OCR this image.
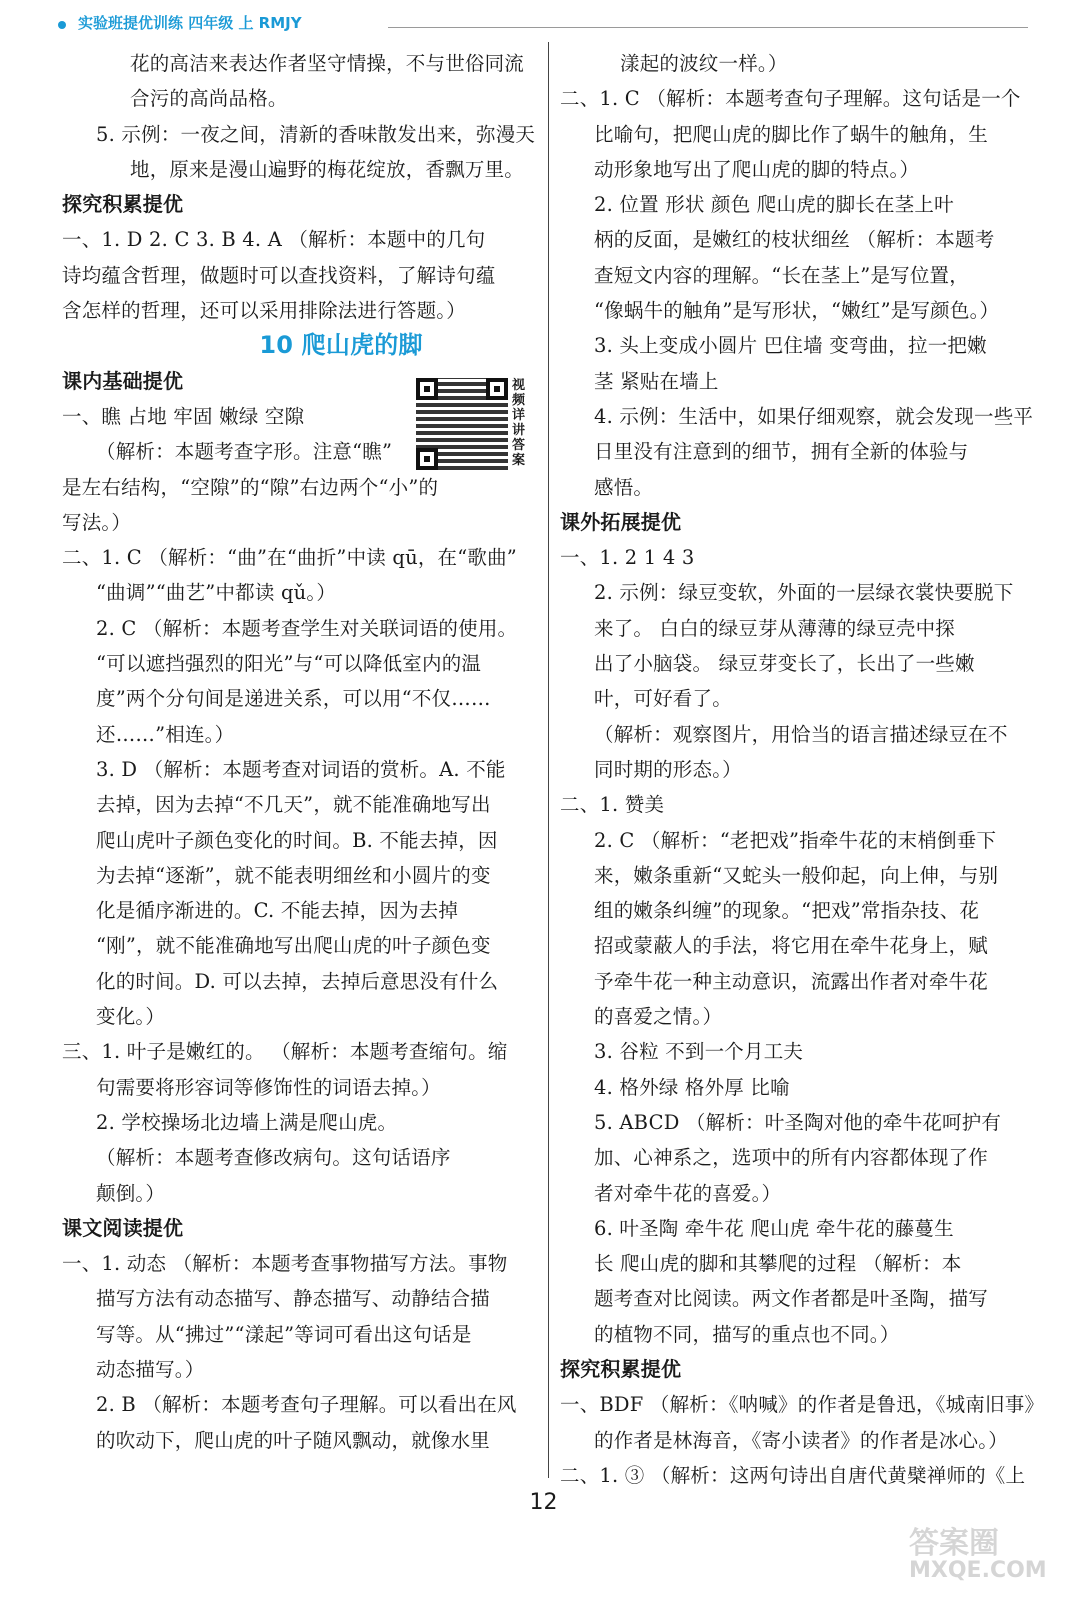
实验班提优训练 四年级 上 RMJY
花的高洁来表达作者坚守情操，不与世俗同流
合污的高尚品格。
5. 示例：一夜之间，清新的香味散发出来，弥漫天
地，原来是漫山遍野的梅花绽放，香飘万里。
探究积累提优
一、1. D 2. C 3. B 4. A （解析：本题中的几句
诗均蕴含哲理，做题时可以查找资料，了解诗句蕴
含怎样的哲理，还可以采用排除法进行答题。）
10 爬山虎的脚
课内基础提优
一、瞧 占地 牢固 嫩绿 空隙
（解析：本题考查字形。注意“瞧”
是左右结构，“空隙”的“隙”右边两个“小”的
写法。）
二、1. C （解析：“曲”在“曲折”中读 qū，在“歌曲”
“曲调”“曲艺”中都读 qǔ。）
2. C （解析：本题考查学生对关联词语的使用。
“可以遮挡强烈的阳光”与“可以降低室内的温
度”两个分句间是递进关系，可以用“不仅……
还……”相连。）
3. D （解析：本题考查对词语的赏析。A. 不能
去掉，因为去掉“不几天”，就不能准确地写出
爬山虎叶子颜色变化的时间。B. 不能去掉，因
为去掉“逐渐”，就不能表明细丝和小圆片的变
化是循序渐进的。C. 不能去掉，因为去掉
“刚”，就不能准确地写出爬山虎的叶子颜色变
化的时间。D. 可以去掉，去掉后意思没有什么
变化。）
三、1. 叶子是嫩红的。 （解析：本题考查缩句。缩
句需要将形容词等修饰性的词语去掉。）
2. 学校操场北边墙上满是爬山虎。
（解析：本题考查修改病句。这句话语序
颠倒。）
课文阅读提优
一、1. 动态 （解析：本题考查事物描写方法。事物
描写方法有动态描写、静态描写、动静结合描
写等。从“拂过”“漾起”等词可看出这句话是
动态描写。）
2. B （解析：本题考查句子理解。可以看出在风
的吹动下，爬山虎的叶子随风飘动，就像水里
漾起的波纹一样。）
二、1. C （解析：本题考查句子理解。这句话是一个
比喻句，把爬山虎的脚比作了蜗牛的触角，生
动形象地写出了爬山虎的脚的特点。）
2. 位置 形状 颜色 爬山虎的脚长在茎上叶
柄的反面，是嫩红的枝状细丝 （解析：本题考
查短文内容的理解。“长在茎上”是写位置，
“像蜗牛的触角”是写形状，“嫩红”是写颜色。）
3. 头上变成小圆片 巴住墙 变弯曲，拉一把嫩
茎 紧贴在墙上
4. 示例：生活中，如果仔细观察，就会发现一些平
日里没有注意到的细节，拥有全新的体验与
感悟。
课外拓展提优
一、1. 2 1 4 3
2. 示例：绿豆变软，外面的一层绿衣裳快要脱下
来了。 白白的绿豆芽从薄薄的绿豆壳中探
出了小脑袋。 绿豆芽变长了，长出了一些嫩
叶，可好看了。
（解析：观察图片，用恰当的语言描述绿豆在不
同时期的形态。）
二、1. 赞美
2. C （解析：“老把戏”指牵牛花的末梢倒垂下
来，嫩条重新“又蛇头一般仰起，向上伸，与别
组的嫩条纠缠”的现象。“把戏”常指杂技、花
招或蒙蔽人的手法，将它用在牵牛花身上，赋
予牵牛花一种主动意识，流露出作者对牵牛花
的喜爱之情。）
3. 谷粒 不到一个月工夫
4. 格外绿 格外厚 比喻
5. ABCD （解析：叶圣陶对他的牵牛花呵护有
加、心神系之，选项中的所有内容都体现了作
者对牵牛花的喜爱。）
6. 叶圣陶 牵牛花 爬山虎 牵牛花的藤蔓生
长 爬山虎的脚和其攀爬的过程 （解析：本
题考查对比阅读。两文作者都是叶圣陶，描写
的植物不同，描写的重点也不同。）
探究积累提优
一、BDF （解析：《呐喊》的作者是鲁迅，《城南旧事》
的作者是林海音，《寄小读者》的作者是冰心。）
二、1. ③ （解析：这两句诗出自唐代黄檗禅师的《上
视频详讲答案
12
答案圈
MXQE.COM
